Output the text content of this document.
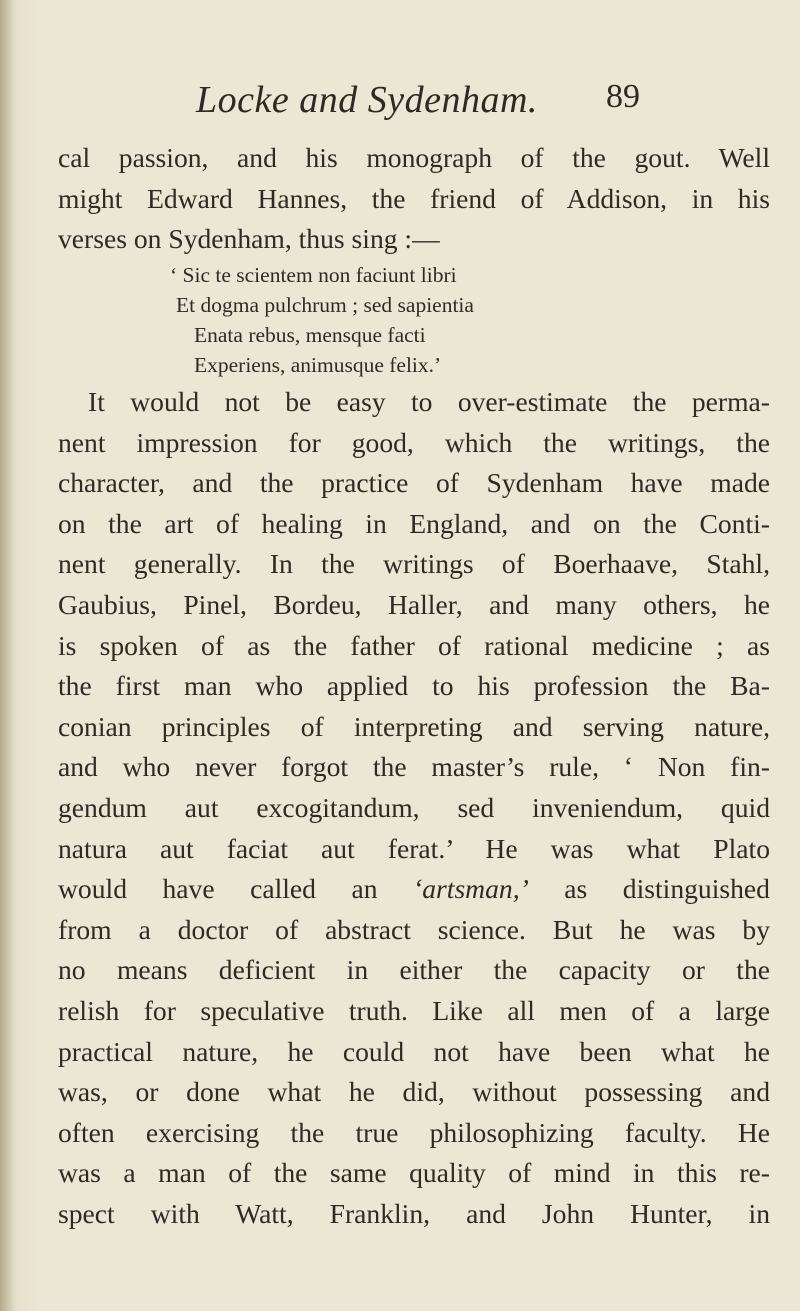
Locke and Sydenham. 89
cal passion, and his monograph of the gout. Well
might Edward Hannes, the friend of Addison, in his
verses on Sydenham, thus sing :—
‘ Sic te scientem non faciunt libri
Et dogma pulchrum ; sed sapientia
Enata rebus, mensque facti
Experiens, animusque felix.’
It would not be easy to over-estimate the perma-
nent impression for good, which the writings, the
character, and the practice of Sydenham have made
on the art of healing in England, and on the Conti-
nent generally. In the writings of Boerhaave, Stahl,
Gaubius, Pinel, Bordeu, Haller, and many others, he
is spoken of as the father of rational medicine ; as
the first man who applied to his profession the Ba-
conian principles of interpreting and serving nature,
and who never forgot the master’s rule, ‘ Non fin-
gendum aut excogitandum, sed inveniendum, quid
natura aut faciat aut ferat.’ He was what Plato
would have called an ‘artsman,’ as distinguished
from a doctor of abstract science. But he was by
no means deficient in either the capacity or the
relish for speculative truth. Like all men of a large
practical nature, he could not have been what he
was, or done what he did, without possessing and
often exercising the true philosophizing faculty. He
was a man of the same quality of mind in this re-
spect with Watt, Franklin, and John Hunter, in
